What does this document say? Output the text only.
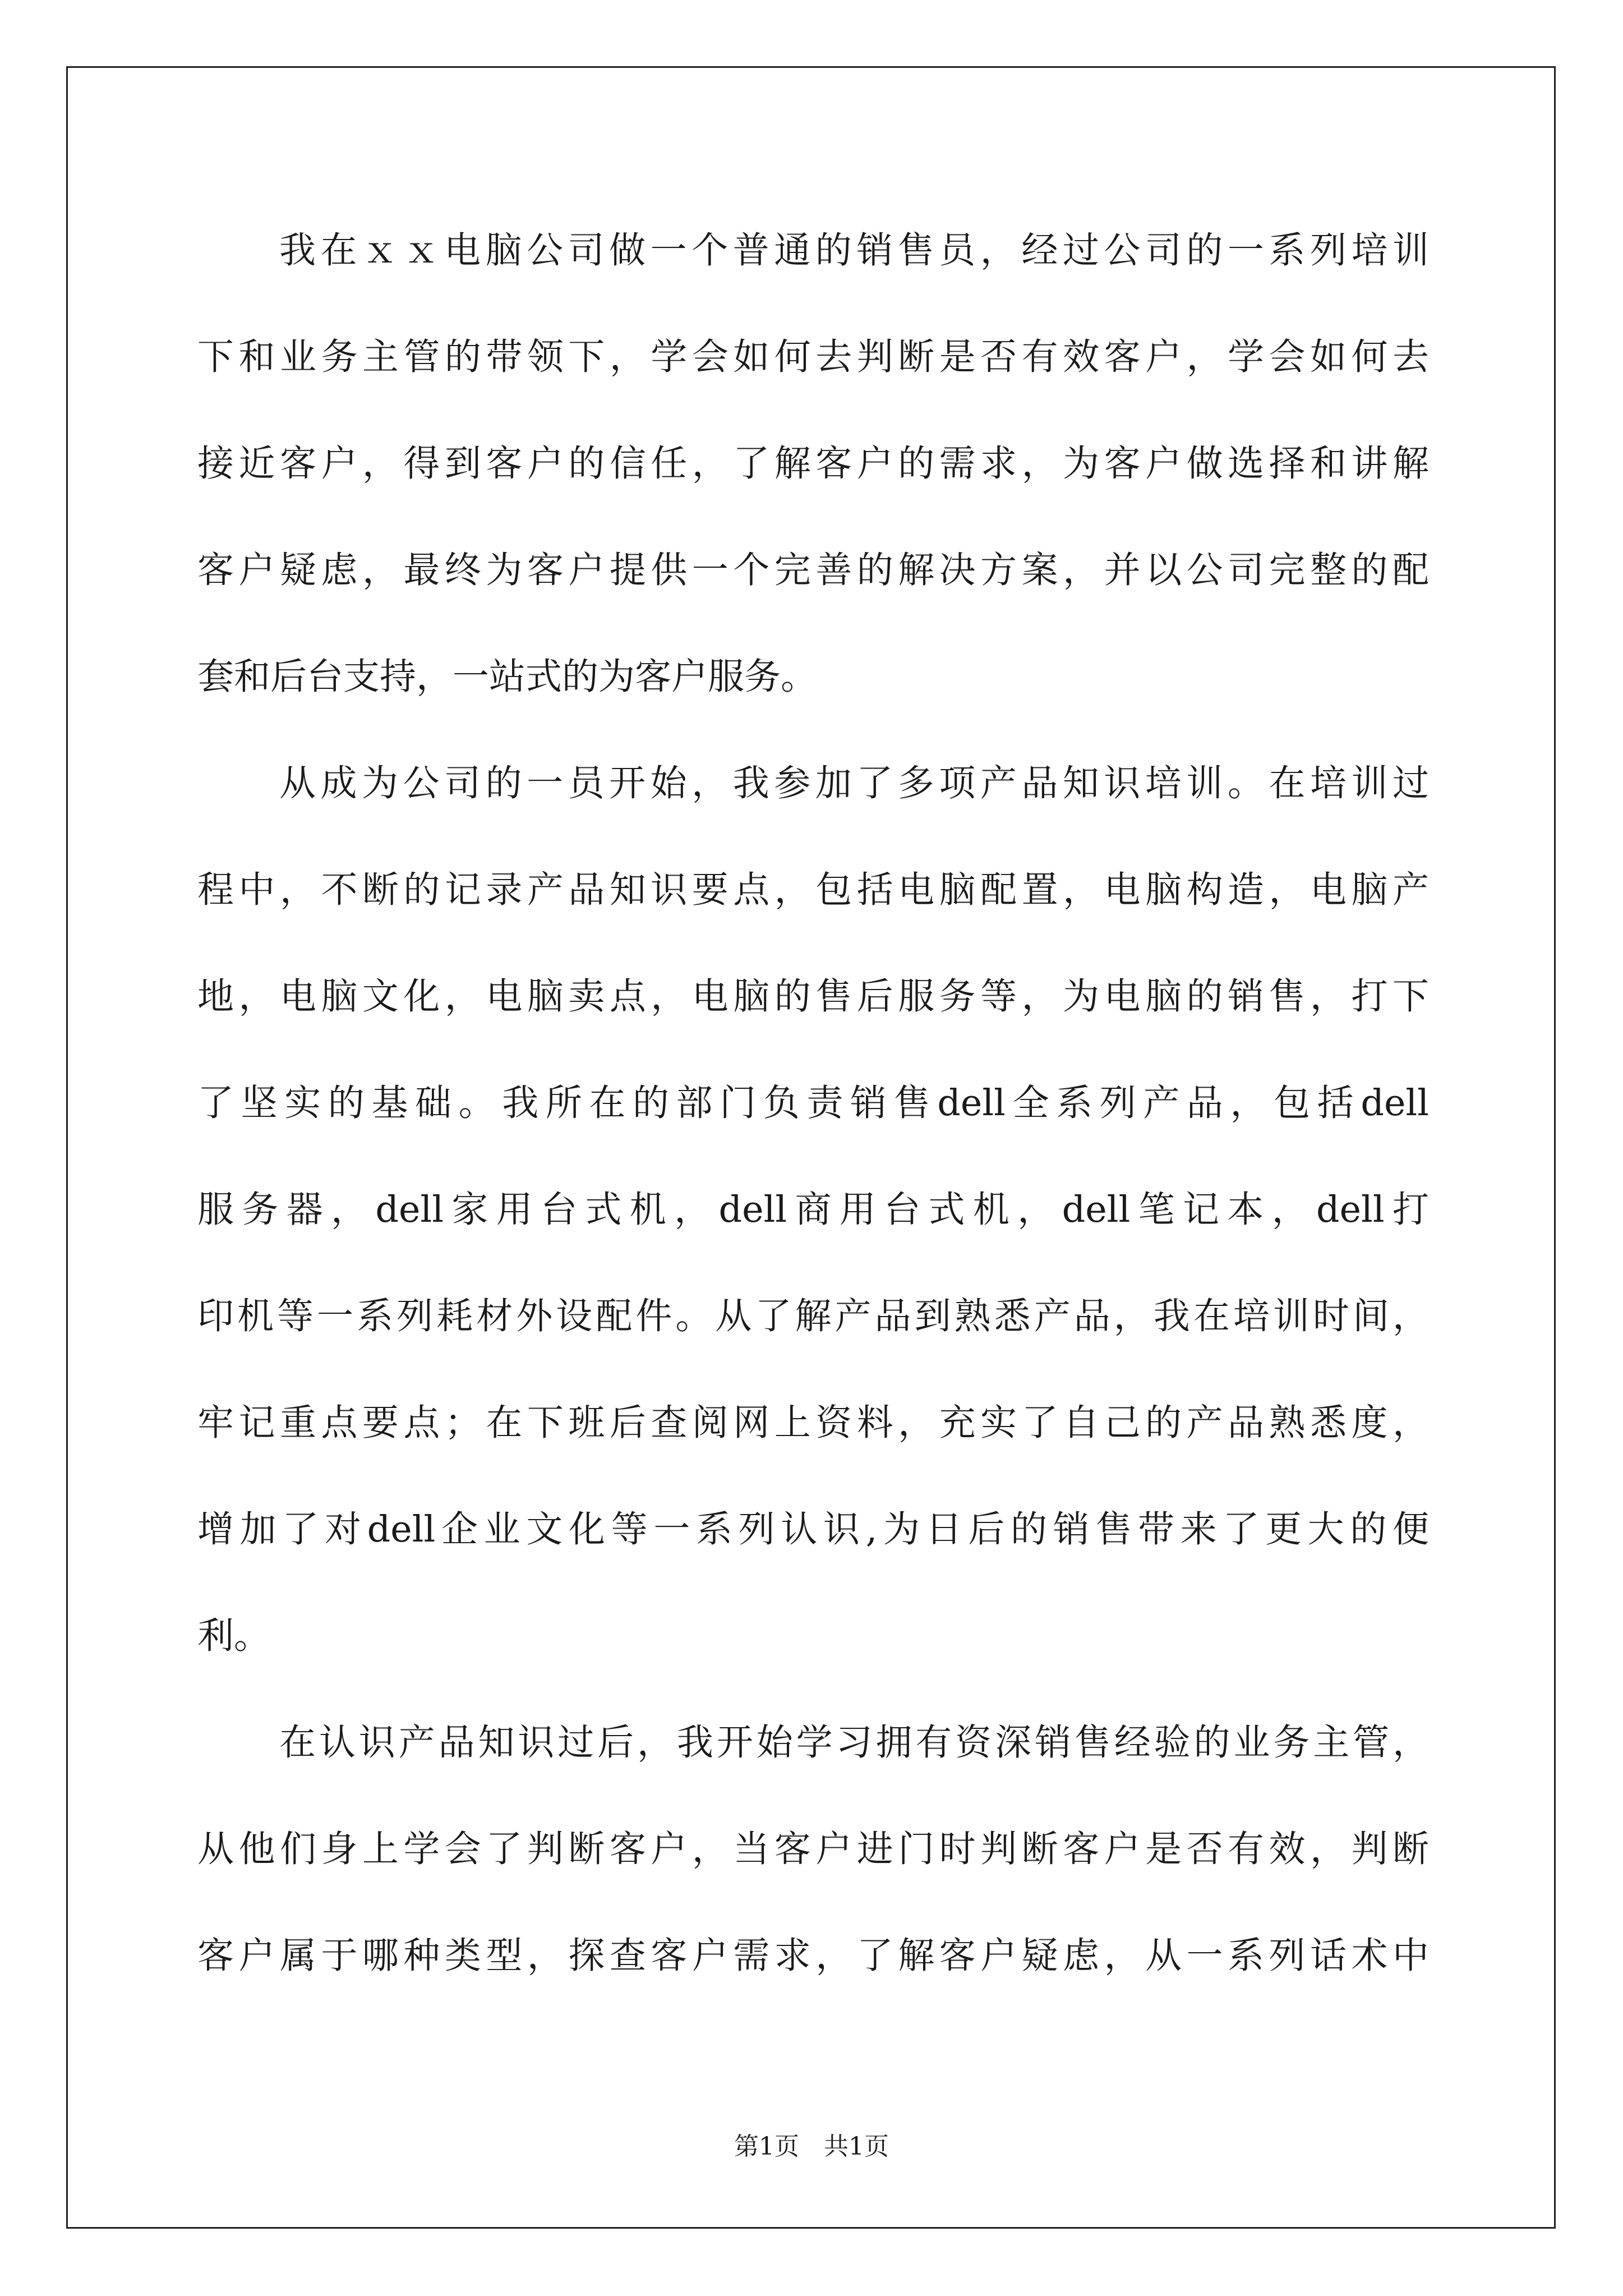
我在ｘｘ电脑公司做一个普通的销售员，经过公司的一系列培训
下和业务主管的带领下，学会如何去判断是否有效客户，学会如何去
接近客户，得到客户的信任，了解客户的需求，为客户做选择和讲解
客户疑虑，最终为客户提供一个完善的解决方案，并以公司完整的配
套和后台支持，一站式的为客户服务。
从成为公司的一员开始，我参加了多项产品知识培训。在培训过
程中，不断的记录产品知识要点，包括电脑配置，电脑构造，电脑产
地，电脑文化，电脑卖点，电脑的售后服务等，为电脑的销售，打下
了坚实的基础。我所在的部门负责销售dell全系列产品，包括dell
服务器，dell家用台式机，dell商用台式机，dell笔记本，dell打
印机等一系列耗材外设配件。从了解产品到熟悉产品，我在培训时间，
牢记重点要点；在下班后查阅网上资料，充实了自己的产品熟悉度，
增加了对dell企业文化等一系列认识,为日后的销售带来了更大的便
利。
在认识产品知识过后，我开始学习拥有资深销售经验的业务主管，
从他们身上学会了判断客户，当客户进门时判断客户是否有效，判断
客户属于哪种类型，探查客户需求，了解客户疑虑，从一系列话术中
第1页 共1页
